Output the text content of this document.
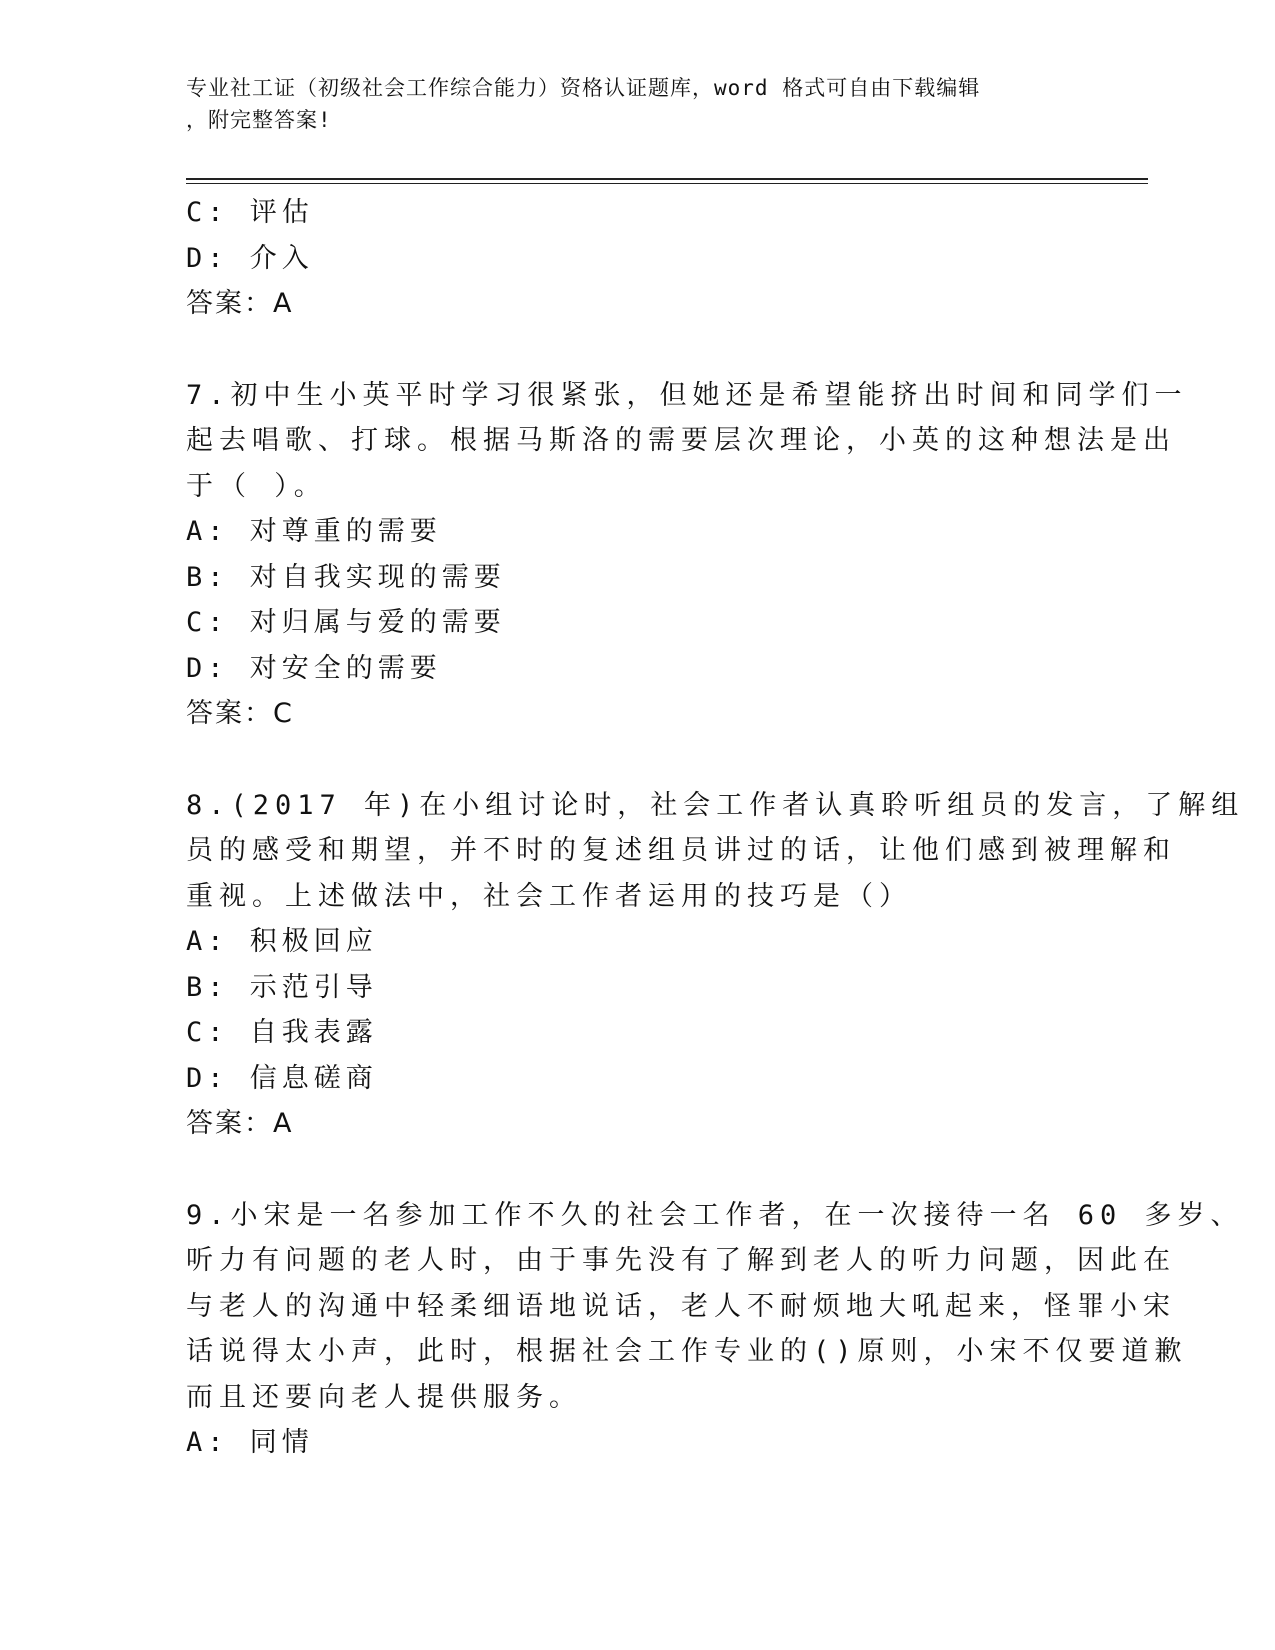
专业社工证（初级社会工作综合能力）资格认证题库，word 格式可自由下载编辑
，附完整答案!
C: 评估
D: 介入
答案：A
7.初中生小英平时学习很紧张，但她还是希望能挤出时间和同学们一
起去唱歌、打球。根据马斯洛的需要层次理论，小英的这种想法是出
于（ ）。
A: 对尊重的需要
B: 对自我实现的需要
C: 对归属与爱的需要
D: 对安全的需要
答案：C
8.(2017 年)在小组讨论时，社会工作者认真聆听组员的发言，了解组
员的感受和期望，并不时的复述组员讲过的话，让他们感到被理解和
重视。上述做法中，社会工作者运用的技巧是（）
A: 积极回应
B: 示范引导
C: 自我表露
D: 信息磋商
答案：A
9.小宋是一名参加工作不久的社会工作者，在一次接待一名 60 多岁、
听力有问题的老人时，由于事先没有了解到老人的听力问题，因此在
与老人的沟通中轻柔细语地说话，老人不耐烦地大吼起来，怪罪小宋
话说得太小声，此时，根据社会工作专业的()原则，小宋不仅要道歉
而且还要向老人提供服务。
A: 同情
